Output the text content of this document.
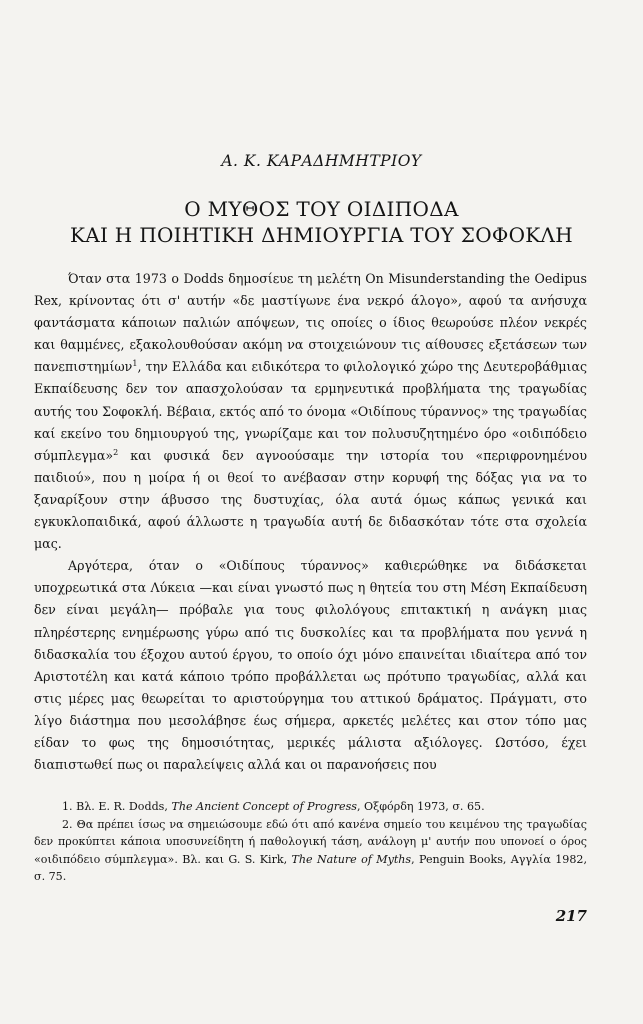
Α. Κ. ΚΑΡΑΔΗΜΗΤΡΙΟΥ
Ο ΜΥΘΟΣ ΤΟΥ ΟΙΔΙΠΟΔΑ
ΚΑΙ Η ΠΟΙΗΤΙΚΗ ΔΗΜΙΟΥΡΓΙΑ ΤΟΥ ΣΟΦΟΚΛΗ

Όταν στα 1973 ο Dodds δημοσίευε τη μελέτη On Misunderstanding the Oedipus Rex, κρίνοντας ότι σ' αυτήν «δε μαστίγωνε ένα νεκρό άλογο», αφού τα ανήσυχα φαντάσματα κάποιων παλιών απόψεων, τις οποίες ο ίδιος θεωρούσε πλέον νεκρές και θαμμένες, εξακολουθούσαν ακόμη να στοιχειώνουν τις αίθουσες εξετάσεων των πανεπιστημίων$^1$, την Ελλάδα και ειδικότερα το φιλολογικό χώρο της Δευτεροβάθμιας Εκπαίδευσης δεν τον απασχολούσαν τα ερμηνευτικά προβλήματα της τραγωδίας αυτής του Σοφοκλή. Βέβαια, εκτός από το όνομα «Οιδίπους τύραννος» της τραγωδίας καί εκείνο του δημιουργού της, γνωρίζαμε και τον πολυσυζητημένο όρο «οιδιπόδειο σύμπλεγμα»$^2$ και φυσικά δεν αγνοούσαμε την ιστορία του «περιφρονημένου παιδιού», που η μοίρα ή οι θεοί το ανέβασαν στην κορυφή της δόξας για να το ξαναρίξουν στην άβυσσο της δυστυχίας, όλα αυτά όμως κάπως γενικά και εγκυκλοπαιδικά, αφού άλλωστε η τραγωδία αυτή δε διδασκόταν τότε στα σχολεία μας.

Αργότερα, όταν ο «Οιδίπους τύραννος» καθιερώθηκε να διδάσκεται υποχρεωτικά στα Λύκεια —και είναι γνωστό πως η θητεία του στη Μέση Εκπαίδευση δεν είναι μεγάλη— πρόβαλε για τους φιλολόγους επιτακτική η ανάγκη μιας πληρέστερης ενημέρωσης γύρω από τις δυσκολίες και τα προβλήματα που γεννά η διδασκαλία του έξοχου αυτού έργου, το οποίο όχι μόνο επαινείται ιδιαίτερα από τον Αριστοτέλη και κατά κάποιο τρόπο προβάλλεται ως πρότυπο τραγωδίας, αλλά και στις μέρες μας θεωρείται το αριστούργημα του αττικού δράματος. Πράγματι, στο λίγο διάστημα που μεσολάβησε έως σήμερα, αρκετές μελέτες και στον τόπο μας είδαν το φως της δημοσιότητας, μερικές μάλιστα αξιόλογες. Ωστόσο, έχει διαπιστωθεί πως οι παραλείψεις αλλά και οι παρανοήσεις που

1. Βλ. E. R. Dodds, The Ancient Concept of Progress, Οξφόρδη 1973, σ. 65.

2. Θα πρέπει ίσως να σημειώσουμε εδώ ότι από κανένα σημείο του κειμένου της τραγωδίας δεν προκύπτει κάποια υποσυνείδητη ή παθολογική τάση, ανάλογη μ' αυτήν που υπονοεί ο όρος «οιδιπόδειο σύμπλεγμα». Βλ. και G. S. Kirk, The Nature of Myths, Penguin Books, Αγγλία 1982, σ. 75.

217
